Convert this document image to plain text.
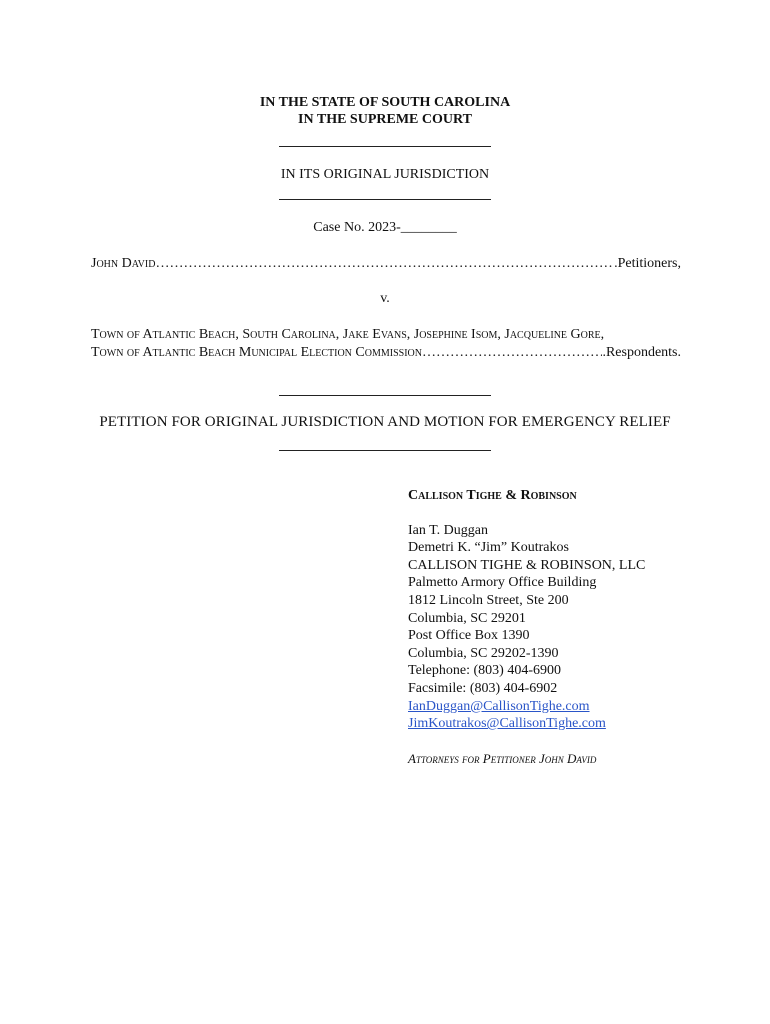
IN THE STATE OF SOUTH CAROLINA
IN THE SUPREME COURT
IN ITS ORIGINAL JURISDICTION
Case No. 2023-________
John David …………………………………………………………………………………………………………………………………………………………………………	.Petitioners,
v.
Town of Atlantic Beach, South Carolina, Jake Evans, Josephine Isom, Jacqueline Gore,
Town of Atlantic Beach Municipal Election Commission …………………………………………………………………………………………………………………………………………………………………………	.Respondents.
PETITION FOR ORIGINAL JURISDICTION AND MOTION FOR EMERGENCY RELIEF
Callison Tighe & Robinson
Ian T. Duggan
Demetri K. “Jim” Koutrakos
CALLISON TIGHE & ROBINSON, LLC
Palmetto Armory Office Building
1812 Lincoln Street, Ste 200
Columbia, SC 29201
Post Office Box 1390
Columbia, SC 29202-1390
Telephone: (803) 404-6900
Facsimile: (803) 404-6902
IanDuggan@CallisonTighe.com
JimKoutrakos@CallisonTighe.com
Attorneys for Petitioner John David
